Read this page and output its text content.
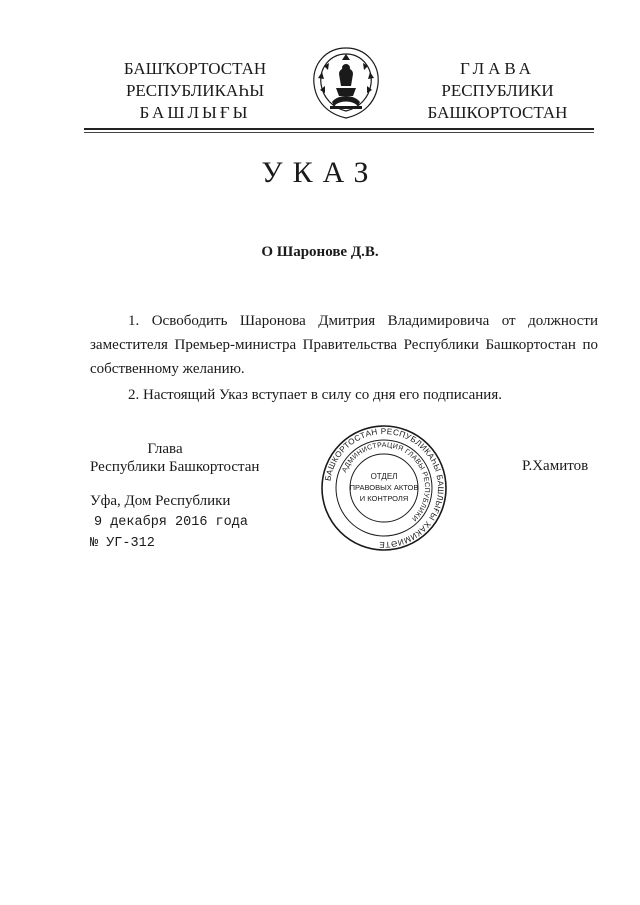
БАШҠОРТОСТАН
РЕСПУБЛИКАҺЫ
БАШЛЫҒЫ
ГЛАВА
РЕСПУБЛИКИ
БАШКОРТОСТАН
УКАЗ
О Шаронове Д.В.

1. Освободить Шаронова Дмитрия Владимировича от должности заместителя Премьер-министра Правительства Республики Башкортостан по собственному желанию.

2. Настоящий Указ вступает в силу со дня его подписания.

Глава
Республики Башкортостан
БАШКОРТОСТАН РЕСПУБЛИКАҺЫ БАШЛЫҒЫ ХАКИМИӘТЕ
АДМИНИСТРАЦИЯ ГЛАВЫ РЕСПУБЛИКИ
ОТДЕЛ
ПРАВОВЫХ АКТОВ
И КОНТРОЛЯ
Р.Хамитов
Уфа, Дом Республики
9 декабря 2016 года
№ УГ-312
